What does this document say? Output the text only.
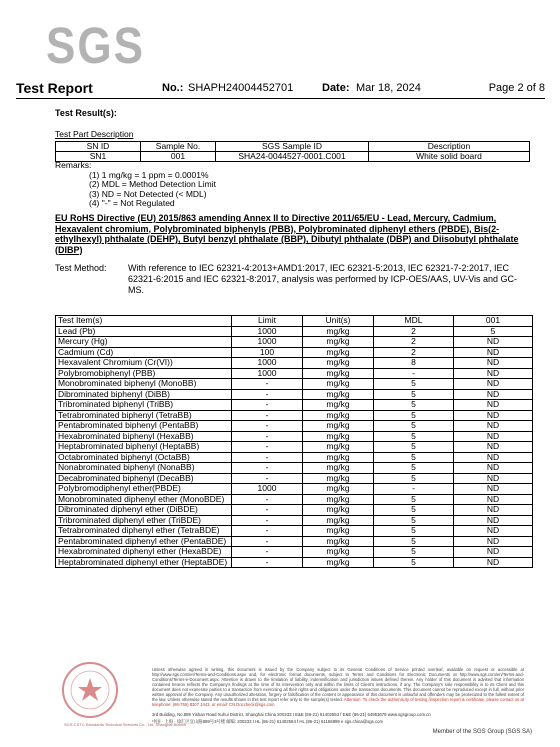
SGS
Test Report	No.: SHAPH24004452701	Date: Mar 18, 2024	Page 2 of 8
Test Result(s):
Test Part Description
SN ID	Sample No.	SGS Sample ID	Description
SN1	001	SHA24-0044527-0001.C001	White solid board
Remarks:
(1) 1 mg/kg = 1 ppm = 0.0001%
(2) MDL = Method Detection Limit
(3) ND = Not Detected (< MDL)
(4) "-" = Not Regulated
EU RoHS Directive (EU) 2015/863 amending Annex II to Directive 2011/65/EU - Lead, Mercury, Cadmium, Hexavalent chromium, Polybrominated biphenyls (PBB), Polybrominated diphenyl ethers (PBDE), Bis(2-ethylhexyl) phthalate (DEHP), Butyl benzyl phthalate (BBP), Dibutyl phthalate (DBP) and Diisobutyl phthalate (DIBP)
Test Method: With reference to IEC 62321-4:2013+AMD1:2017, IEC 62321-5:2013, IEC 62321-7-2:2017, IEC 62321-6:2015 and IEC 62321-8:2017, analysis was performed by ICP-OES/AAS, UV-Vis and GC-MS.
Test Item(s)	Limit	Unit(s)	MDL	001
Lead (Pb)	1000	mg/kg	2	5
Mercury (Hg)	1000	mg/kg	2	ND
Cadmium (Cd)	100	mg/kg	2	ND
Hexavalent Chromium (Cr(VI))	1000	mg/kg	8	ND
Polybromobiphenyl (PBB)	1000	mg/kg	-	ND
Monobrominated biphenyl (MonoBB)	-	mg/kg	5	ND
Dibrominated biphenyl (DiBB)	-	mg/kg	5	ND
Tribrominated biphenyl (TriBB)	-	mg/kg	5	ND
Tetrabrominated biphenyl (TetraBB)	-	mg/kg	5	ND
Pentabrominated biphenyl (PentaBB)	-	mg/kg	5	ND
Hexabrominated biphenyl (HexaBB)	-	mg/kg	5	ND
Heptabrominated biphenyl (HeptaBB)	-	mg/kg	5	ND
Octabrominated biphenyl (OctaBB)	-	mg/kg	5	ND
Nonabrominated biphenyl (NonaBB)	-	mg/kg	5	ND
Decabrominated biphenyl (DecaBB)	-	mg/kg	5	ND
Polybromodiphenyl ether(PBDE)	1000	mg/kg	-	ND
Monobrominated diphenyl ether (MonoBDE)	-	mg/kg	5	ND
Dibrominated diphenyl ether (DiBDE)	-	mg/kg	5	ND
Tribrominated diphenyl ether (TriBDE)	-	mg/kg	5	ND
Tetrabrominated diphenyl ether (TetraBDE)	-	mg/kg	5	ND
Pentabrominated diphenyl ether (PentaBDE)	-	mg/kg	5	ND
Hexabrominated diphenyl ether (HexaBDE)	-	mg/kg	5	ND
Heptabrominated diphenyl ether (HeptaBDE)	-	mg/kg	5	ND
SGS-CSTC Standards Technical Services Co., Ltd. Shanghai Branch
Unless otherwise agreed in writing, this document is issued by the Company subject to its General Conditions of Service printed overleaf, available on request or accessible at http://www.sgs.com/en/Terms-and-Conditions.aspx and, for electronic format documents, subject to Terms and Conditions for Electronic Documents at http://www.sgs.com/en/Terms-and-Conditions/Terms-e-Document.aspx. Attention is drawn to the limitation of liability, indemnification and jurisdiction issues defined therein. Any holder of this document is advised that information contained hereon reflects the Company's findings at the time of its intervention only and within the limits of Client's instructions, if any. The Company's sole responsibility is to its Client and this document does not exonerate parties to a transaction from exercising all their rights and obligations under the transaction documents. This document cannot be reproduced except in full, without prior written approval of the Company. Any unauthorized alteration, forgery or falsification of the content or appearance of this document is unlawful and offenders may be prosecuted to the fullest extent of the law. Unless otherwise stated the results shown in this test report refer only to the sample(s) tested. Attention: To check the authenticity of testing /inspection report & certificate, please contact us at telephone: (86-755) 8307 1443, or email: CN.Doccheck@sgs.com
3rd Building, No.889 Yishan Road Xuhui District, Shanghai China 200233 t E&E (86-21) 61402553 f E&E (86-21) 64953679 www.sgsgroup.com.cn
中国 · 上海 · 徐汇区宜山路889号3号楼 邮编: 200233 t HL (86-21) 61402594 f HL (86-21) 61156899 e sgs.china@sgs.com
Member of the SGS Group (SGS SA)
